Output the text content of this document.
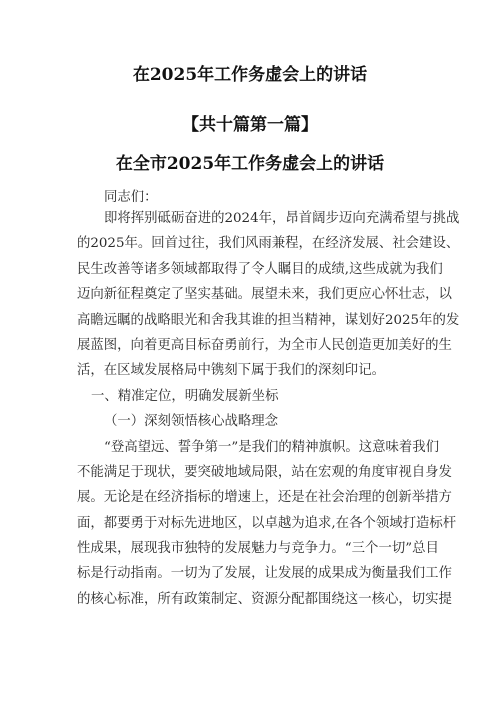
在2025年工作务虚会上的讲话
【共十篇第一篇】
在全市2025年工作务虚会上的讲话
同志们：
即将挥别砥砺奋进的2024年，昂首阔步迈向充满希望与挑战
的2025年。回首过往，我们风雨兼程，在经济发展、社会建设、
民生改善等诸多领域都取得了令人瞩目的成绩,这些成就为我们
迈向新征程奠定了坚实基础。展望未来，我们更应心怀壮志，以
高瞻远瞩的战略眼光和舍我其谁的担当精神，谋划好2025年的发
展蓝图，向着更高目标奋勇前行，为全市人民创造更加美好的生
活，在区域发展格局中镌刻下属于我们的深刻印记。
一、精准定位，明确发展新坐标
（一）深刻领悟核心战略理念
“登高望远、誓争第一”是我们的精神旗帜。这意味着我们
不能满足于现状，要突破地域局限，站在宏观的角度审视自身发
展。无论是在经济指标的增速上，还是在社会治理的创新举措方
面，都要勇于对标先进地区，以卓越为追求,在各个领域打造标杆
性成果，展现我市独特的发展魅力与竞争力。“三个一切”总目
标是行动指南。一切为了发展，让发展的成果成为衡量我们工作
的核心标准，所有政策制定、资源分配都围绕这一核心，切实提
